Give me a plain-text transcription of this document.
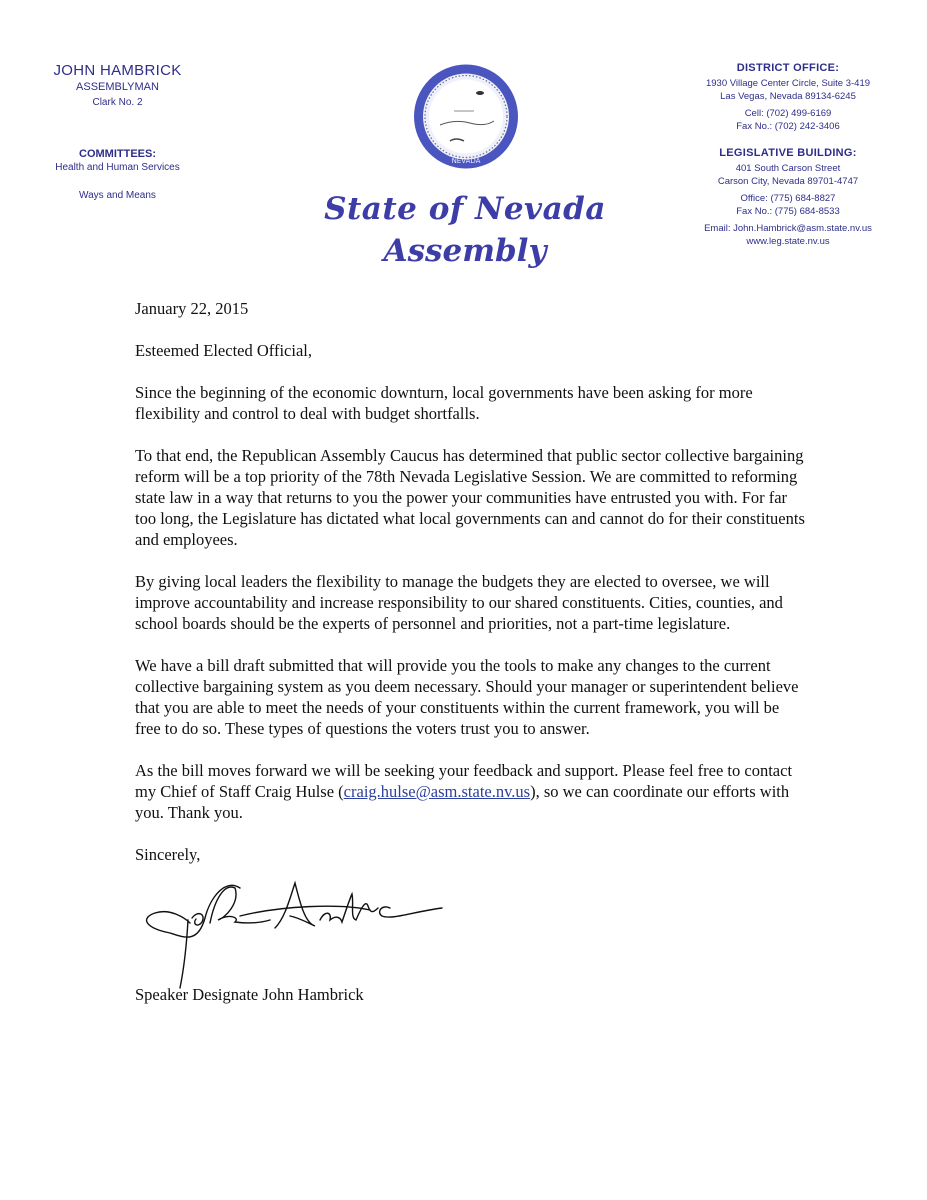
JOHN HAMBRICK
ASSEMBLYMAN
Clark No. 2
COMMITTEES:
Health and Human Services
Ways and Means
NEVADA
State of Nevada
Assembly
DISTRICT OFFICE:
1930 Village Center Circle, Suite 3-419
Las Vegas, Nevada 89134-6245
Cell: (702) 499-6169
Fax No.: (702) 242-3406
LEGISLATIVE BUILDING:
401 South Carson Street
Carson City, Nevada 89701-4747
Office: (775) 684-8827
Fax No.: (775) 684-8533
Email: John.Hambrick@asm.state.nv.us
www.leg.state.nv.us

January 22, 2015

Esteemed Elected Official,

Since the beginning of the economic downturn, local governments have been asking for more flexibility and control to deal with budget shortfalls.

To that end, the Republican Assembly Caucus has determined that public sector collective bargaining reform will be a top priority of the 78th Nevada Legislative Session. We are committed to reforming state law in a way that returns to you the power your communities have entrusted you with. For far too long, the Legislature has dictated what local governments can and cannot do for their constituents and employees.

By giving local leaders the flexibility to manage the budgets they are elected to oversee, we will improve accountability and increase responsibility to our shared constituents. Cities, counties, and school boards should be the experts of personnel and priorities, not a part-time legislature.

We have a bill draft submitted that will provide you the tools to make any changes to the current collective bargaining system as you deem necessary. Should your manager or superintendent believe that you are able to meet the needs of your constituents within the current framework, you will be free to do so. These types of questions the voters trust you to answer.

As the bill moves forward we will be seeking your feedback and support. Please feel free to contact my Chief of Staff Craig Hulse (craig.hulse@asm.state.nv.us), so we can coordinate our efforts with you. Thank you.

Sincerely,

Speaker Designate John Hambrick
